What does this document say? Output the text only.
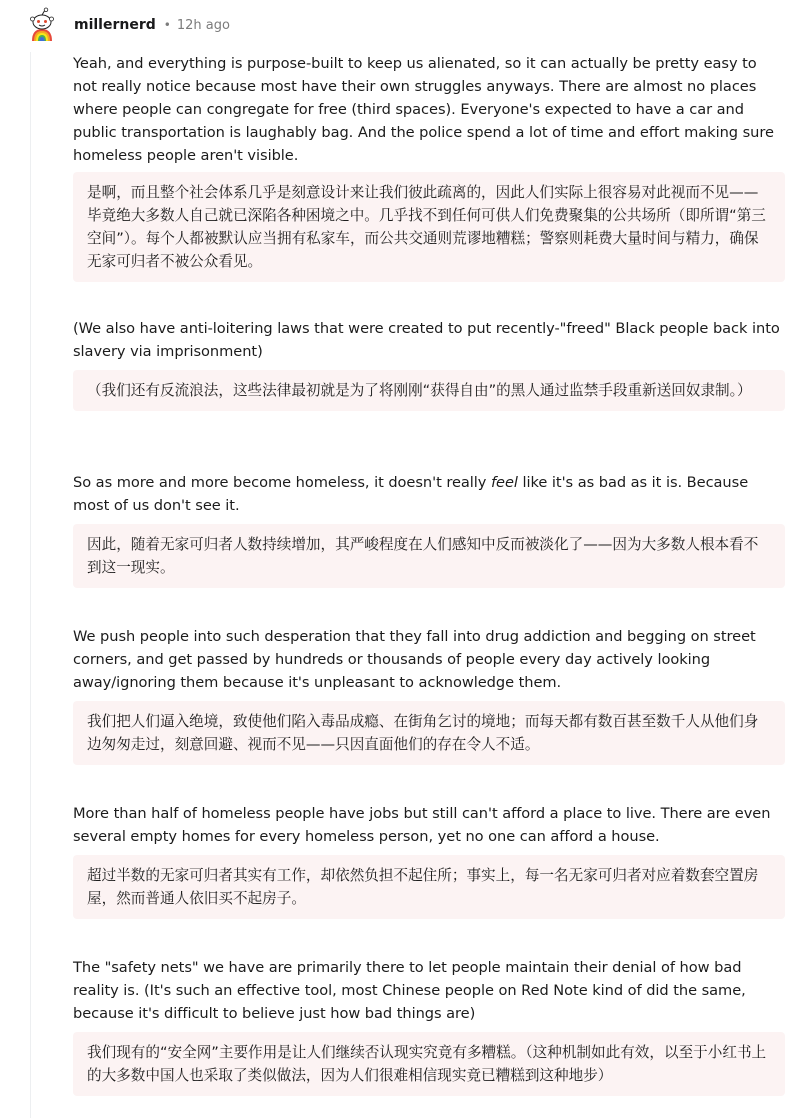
millernerd • 12h ago

Yeah, and everything is purpose-built to keep us alienated, so it can actually be pretty easy to not really notice because most have their own struggles anyways. There are almost no places where people can congregate for free (third spaces). Everyone's expected to have a car and public transportation is laughably bag. And the police spend a lot of time and effort making sure homeless people aren't visible.

是啊，而且整个社会体系几乎是刻意设计来让我们彼此疏离的，因此人们实际上很容易对此视而不见——毕竟绝大多数人自己就已深陷各种困境之中。几乎找不到任何可供人们免费聚集的公共场所（即所谓“第三空间”）。每个人都被默认应当拥有私家车，而公共交通则荒谬地糟糕；警察则耗费大量时间与精力，确保无家可归者不被公众看见。

(We also have anti-loitering laws that were created to put recently-"freed" Black people back into slavery via imprisonment)

（我们还有反流浪法，这些法律最初就是为了将刚刚“获得自由”的黑人通过监禁手段重新送回奴隶制。）

So as more and more become homeless, it doesn't really feel like it's as bad as it is. Because most of us don't see it.

因此，随着无家可归者人数持续增加，其严峻程度在人们感知中反而被淡化了——因为大多数人根本看不到这一现实。

We push people into such desperation that they fall into drug addiction and begging on street corners, and get passed by hundreds or thousands of people every day actively looking away/ignoring them because it's unpleasant to acknowledge them.

我们把人们逼入绝境，致使他们陷入毒品成瘾、在街角乞讨的境地；而每天都有数百甚至数千人从他们身边匆匆走过，刻意回避、视而不见——只因直面他们的存在令人不适。

More than half of homeless people have jobs but still can't afford a place to live. There are even several empty homes for every homeless person, yet no one can afford a house.

超过半数的无家可归者其实有工作，却依然负担不起住所；事实上，每一名无家可归者对应着数套空置房屋，然而普通人依旧买不起房子。

The "safety nets" we have are primarily there to let people maintain their denial of how bad reality is. (It's such an effective tool, most Chinese people on Red Note kind of did the same, because it's difficult to believe just how bad things are)

我们现有的“安全网”主要作用是让人们继续否认现实究竟有多糟糕。（这种机制如此有效，以至于小红书上的大多数中国人也采取了类似做法，因为人们很难相信现实竟已糟糕到这种地步）
